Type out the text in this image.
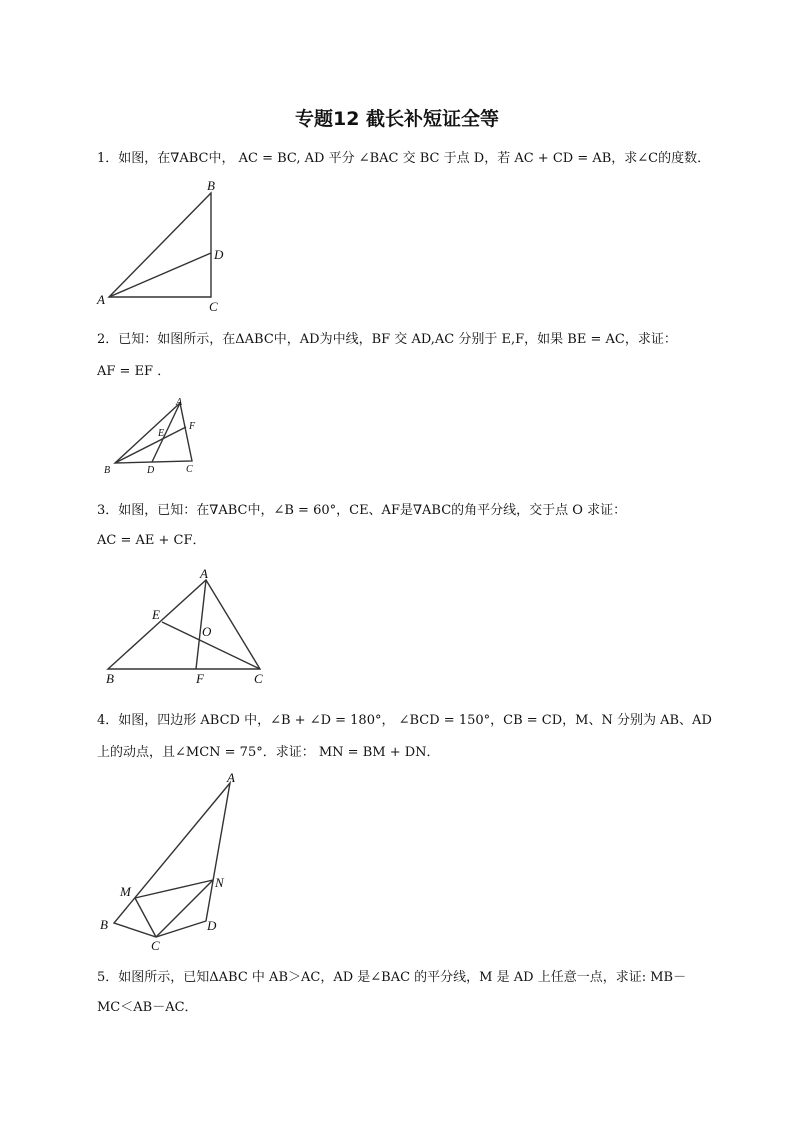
专题12 截长补短证全等
1．如图，在∇ABC中， AC = BC, AD 平分 ∠BAC 交 BC 于点 D，若 AC + CD = AB，求∠C的度数．
A
B
C
D
2．已知：如图所示，在ΔABC中，AD为中线，BF 交 AD,AC 分别于 E,F，如果 BE = AC，求证：
AF = EF ．
A
B	C
D
E
F
3．如图，已知：在∇ABC中，∠B = 60°，CE、AF是∇ABC的角平分线，交于点 O 求证：
AC = AE + CF．
A
B	C
E
F
O
4．如图，四边形 ABCD 中，∠B + ∠D = 180°， ∠BCD = 150°，CB = CD，M、N 分别为 AB、AD
上的动点，且∠MCN = 75°．求证： MN = BM + DN．
A
B
C
D
M
N
5．如图所示，已知ΔABC 中 AB＞AC，AD 是∠BAC 的平分线，M 是 AD 上任意一点，求证: MB－
MC＜AB－AC．
